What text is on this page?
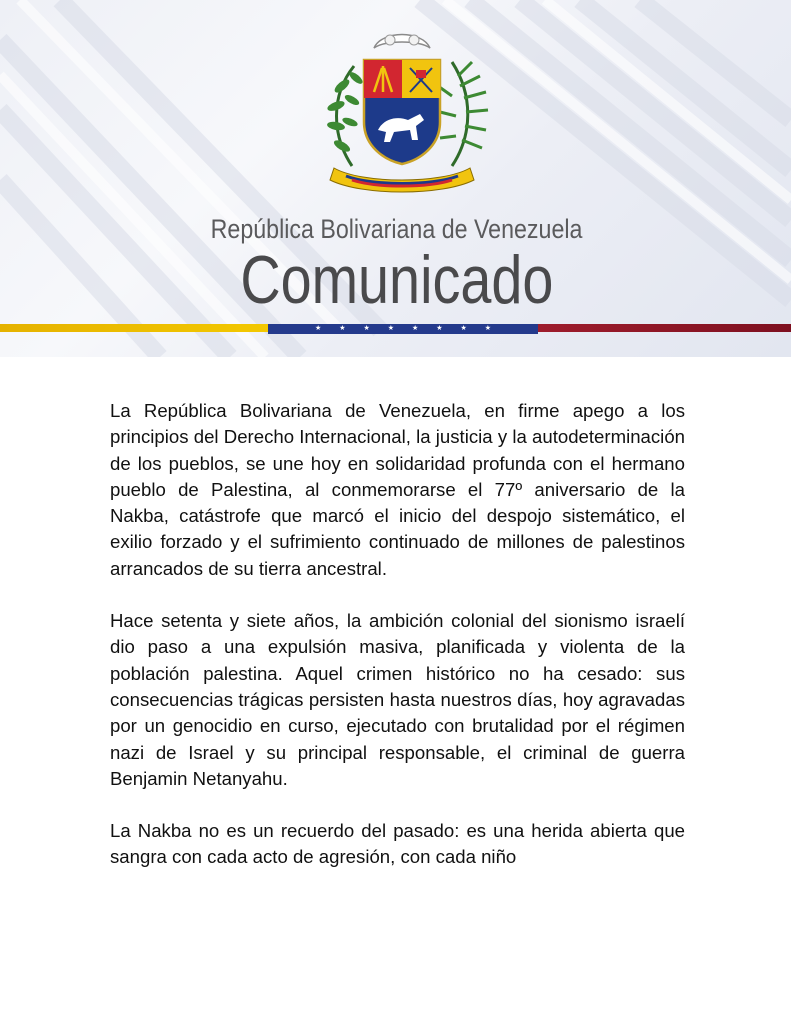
República Bolivariana de Venezuela
Comunicado
★	★	★	★	★	★	★	★

La República Bolivariana de Venezuela, en firme apego a los principios del Derecho Internacional, la justicia y la autodeterminación de los pueblos, se une hoy en solidaridad profunda con el hermano pueblo de Palestina, al conmemorarse el 77º aniversario de la Nakba, catástrofe que marcó el inicio del despojo sistemático, el exilio forzado y el sufrimiento continuado de millones de palestinos arrancados de su tierra ancestral.

Hace setenta y siete años, la ambición colonial del sionismo israelí dio paso a una expulsión masiva, planificada y violenta de la población palestina. Aquel crimen histórico no ha cesado: sus consecuencias trágicas persisten hasta nuestros días, hoy agravadas por un genocidio en curso, ejecutado con brutalidad por el régimen nazi de Israel y su principal responsable, el criminal de guerra Benjamin Netanyahu.

La Nakba no es un recuerdo del pasado: es una herida abierta que sangra con cada acto de agresión, con cada niño
